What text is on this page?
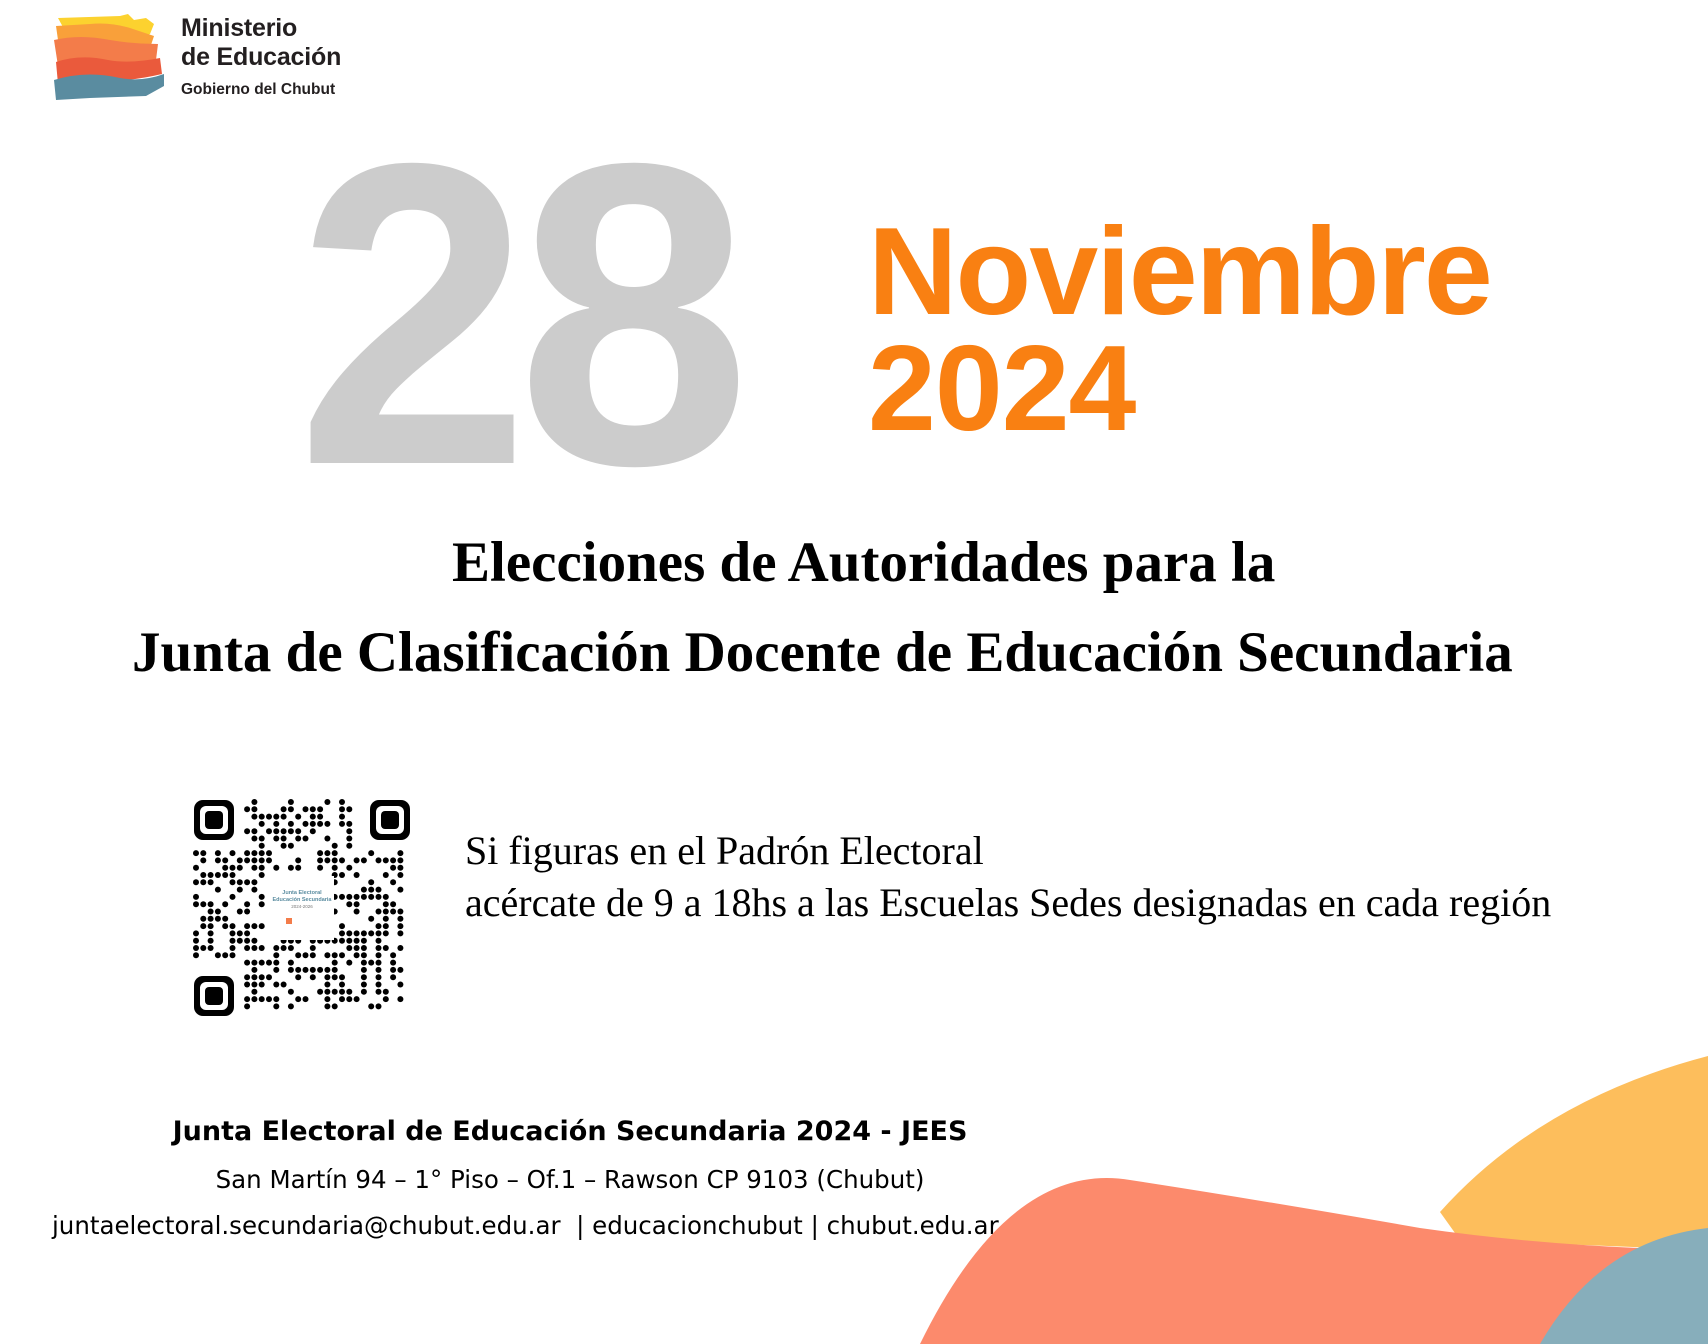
Ministerio
de Educación
Gobierno del Chubut
28 Noviembre
2024
Elecciones de Autoridades para la
Junta de Clasificación Docente de Educación Secundaria
Junta Electoral
Educación Secundaria
2024-2026
Si figuras en el Padrón Electoral
acércate de 9 a 18hs a las Escuelas Sedes designadas en cada región
Junta Electoral de Educación Secundaria 2024 - JEES
San Martín 94 – 1° Piso – Of.1 – Rawson CP 9103 (Chubut)
juntaelectoral.secundaria@chubut.edu.ar  | educacionchubut | chubut.edu.ar
